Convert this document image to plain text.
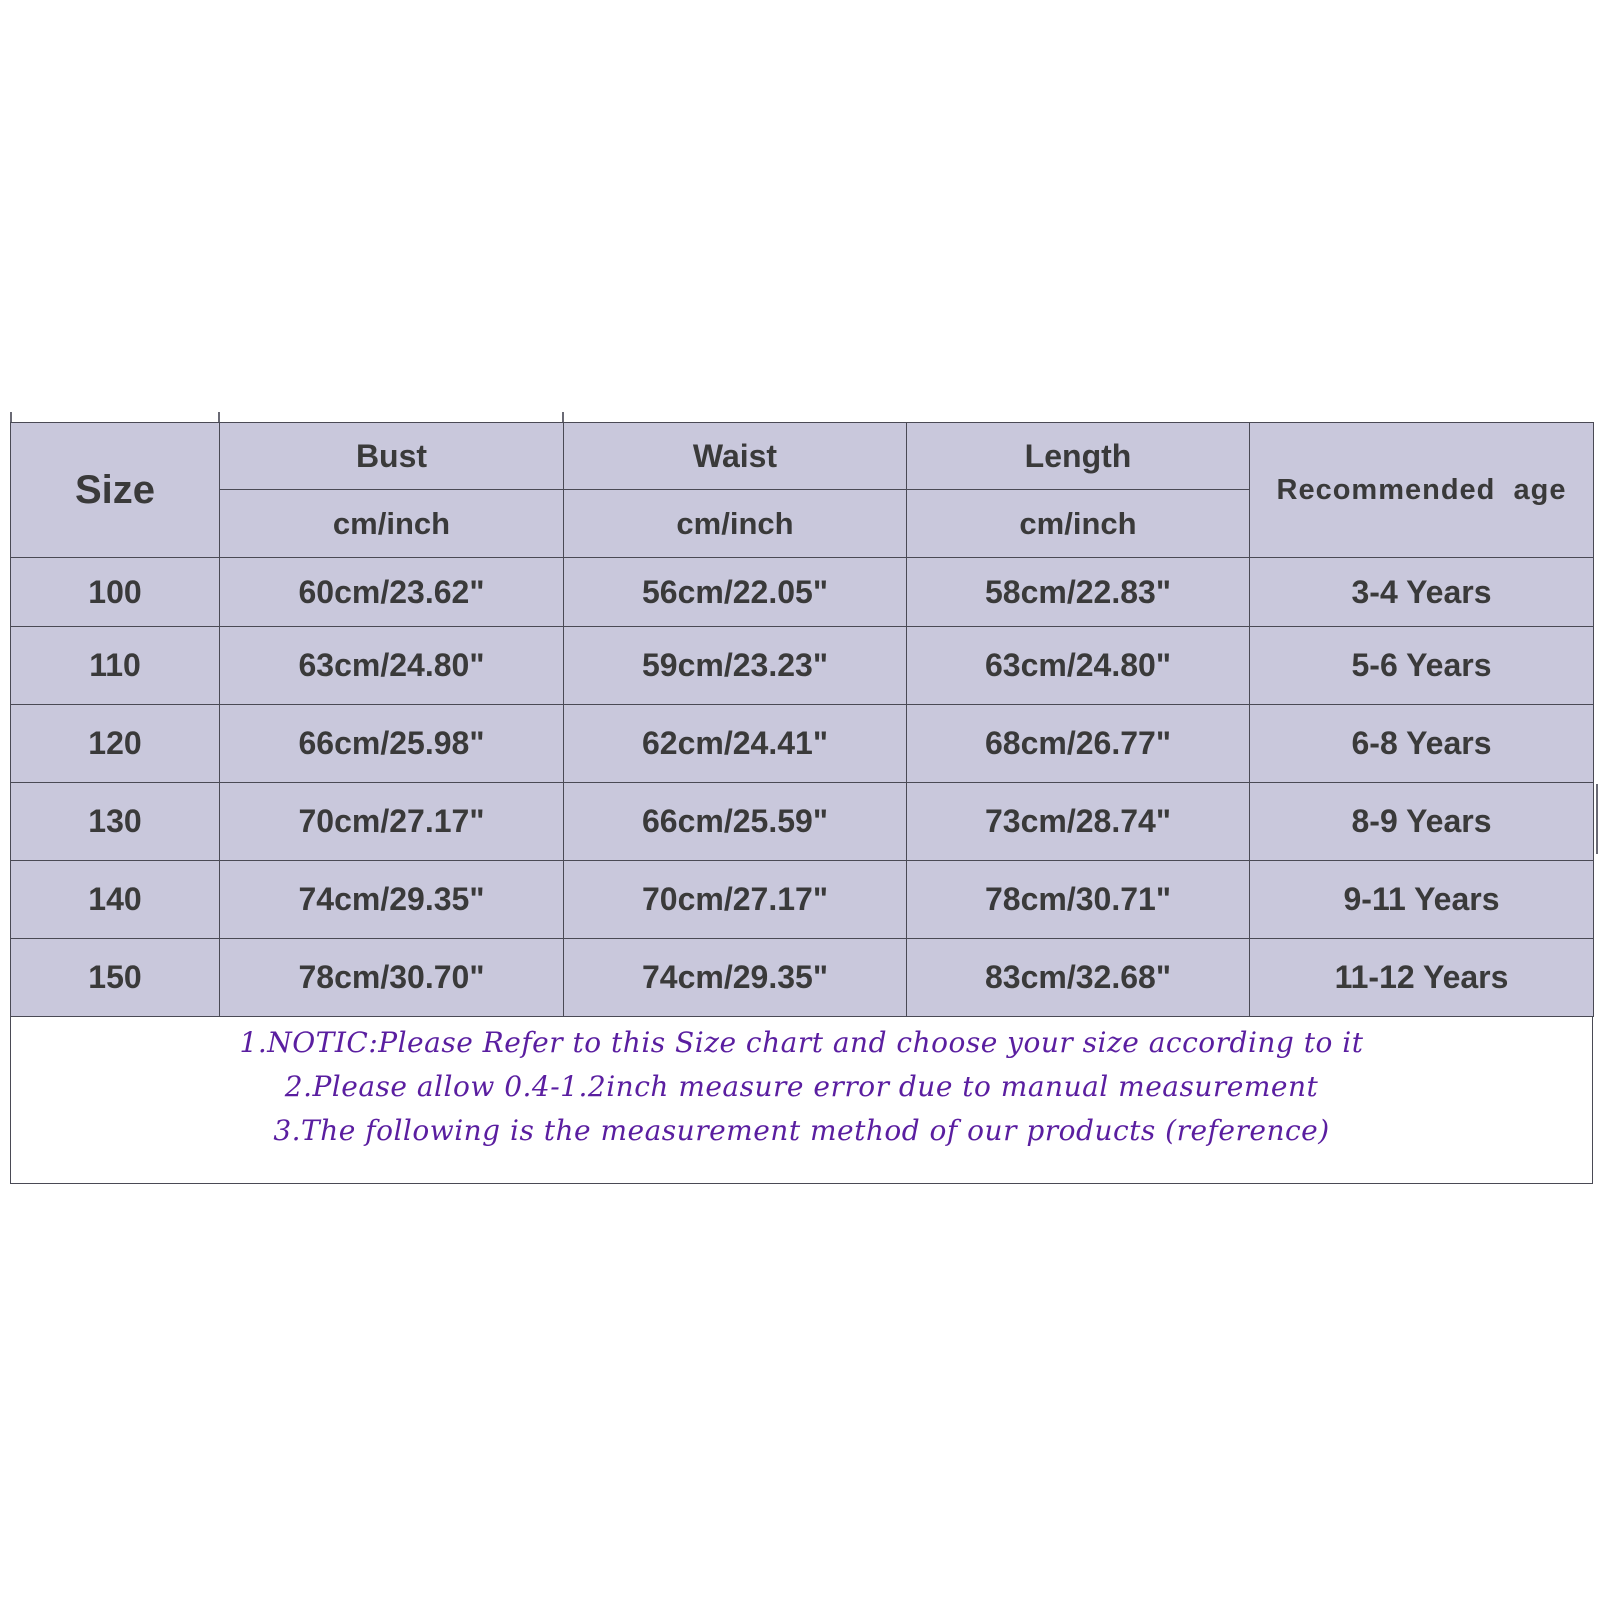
Size	Bust	Waist	Length	Recommended  age
	cm/inch	cm/inch	cm/inch	
100	60cm/23.62"	56cm/22.05"	58cm/22.83"	3-4 Years
110	63cm/24.80"	59cm/23.23"	63cm/24.80"	5-6 Years
120	66cm/25.98"	62cm/24.41"	68cm/26.77"	6-8 Years
130	70cm/27.17"	66cm/25.59"	73cm/28.74"	8-9 Years
140	74cm/29.35"	70cm/27.17"	78cm/30.71"	9-11 Years
150	78cm/30.70"	74cm/29.35"	83cm/32.68"	11-12 Years
1.NOTIC:Please Refer to this Size chart and choose your size according to it
2.Please allow 0.4-1.2inch measure error due to manual measurement
3.The following is the measurement method of our products (reference)
